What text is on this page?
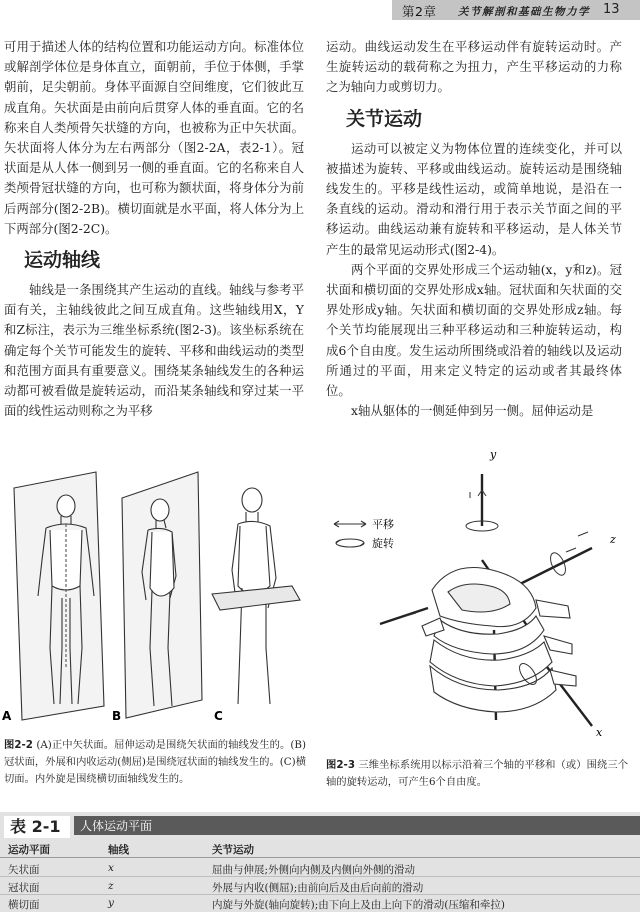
第2章 关节解剖和基础生物力学 13

可用于描述人体的结构位置和功能运动方向。标准体位或解剖学体位是身体直立，面朝前，手位于体侧，手掌朝前，足尖朝前。身体平面源自空间维度，它们彼此互成直角。矢状面是由前向后贯穿人体的垂直面。它的名称来自人类颅骨矢状缝的方向，也被称为正中矢状面。矢状面将人体分为左右两部分（图2-2A，表2-1）。冠状面是从人体一侧到另一侧的垂直面。它的名称来自人类颅骨冠状缝的方向，也可称为额状面，将身体分为前后两部分(图2-2B)。横切面就是水平面，将人体分为上下两部分(图2-2C)。

运动轴线

轴线是一条围绕其产生运动的直线。轴线与参考平面有关，主轴线彼此之间互成直角。这些轴线用X，Y和Z标注，表示为三维坐标系统(图2-3)。该坐标系统在确定每个关节可能发生的旋转、平移和曲线运动的类型和范围方面具有重要意义。围绕某条轴线发生的各种运动都可被看做是旋转运动，而沿某条轴线和穿过某一平面的线性运动则称之为平移

运动。曲线运动发生在平移运动伴有旋转运动时。产生旋转运动的载荷称之为扭力，产生平移运动的力称之为轴向力或剪切力。

关节运动

运动可以被定义为物体位置的连续变化，并可以被描述为旋转、平移或曲线运动。旋转运动是围绕轴线发生的。平移是线性运动，或简单地说，是沿在一条直线的运动。滑动和滑行用于表示关节面之间的平移运动。曲线运动兼有旋转和平移运动，是人体关节产生的最常见运动形式(图2-4)。

两个平面的交界处形成三个运动轴(x，y和z)。冠状面和横切面的交界处形成x轴。冠状面和矢状面的交界处形成y轴。矢状面和横切面的交界处形成z轴。每个关节均能展现出三种平移运动和三种旋转运动，构成6个自由度。发生运动所围绕或沿着的轴线以及运动所通过的平面，用来定义特定的运动或者其最终体位。

x轴从躯体的一侧延伸到另一侧。屈伸运动是

A	B	C
平移
旋转
y
z
x
图2-2 (A)正中矢状面。屈伸运动是围绕矢状面的轴线发生的。(B)冠状面，外展和内收运动(侧屈)是围绕冠状面的轴线发生的。(C)横切面。内外旋是围绕横切面轴线发生的。
图2-3 三维坐标系统用以标示沿着三个轴的平移和（或）围绕三个轴的旋转运动，可产生6个自由度。
表 2-1	人体运动平面
运动平面	轴线	关节运动
矢状面	x	屈曲与伸展;外侧向内侧及内侧向外侧的滑动
冠状面	z	外展与内收(侧屈);由前向后及由后向前的滑动
横切面	y	内旋与外旋(轴向旋转);由下向上及由上向下的滑动(压缩和牵拉)
